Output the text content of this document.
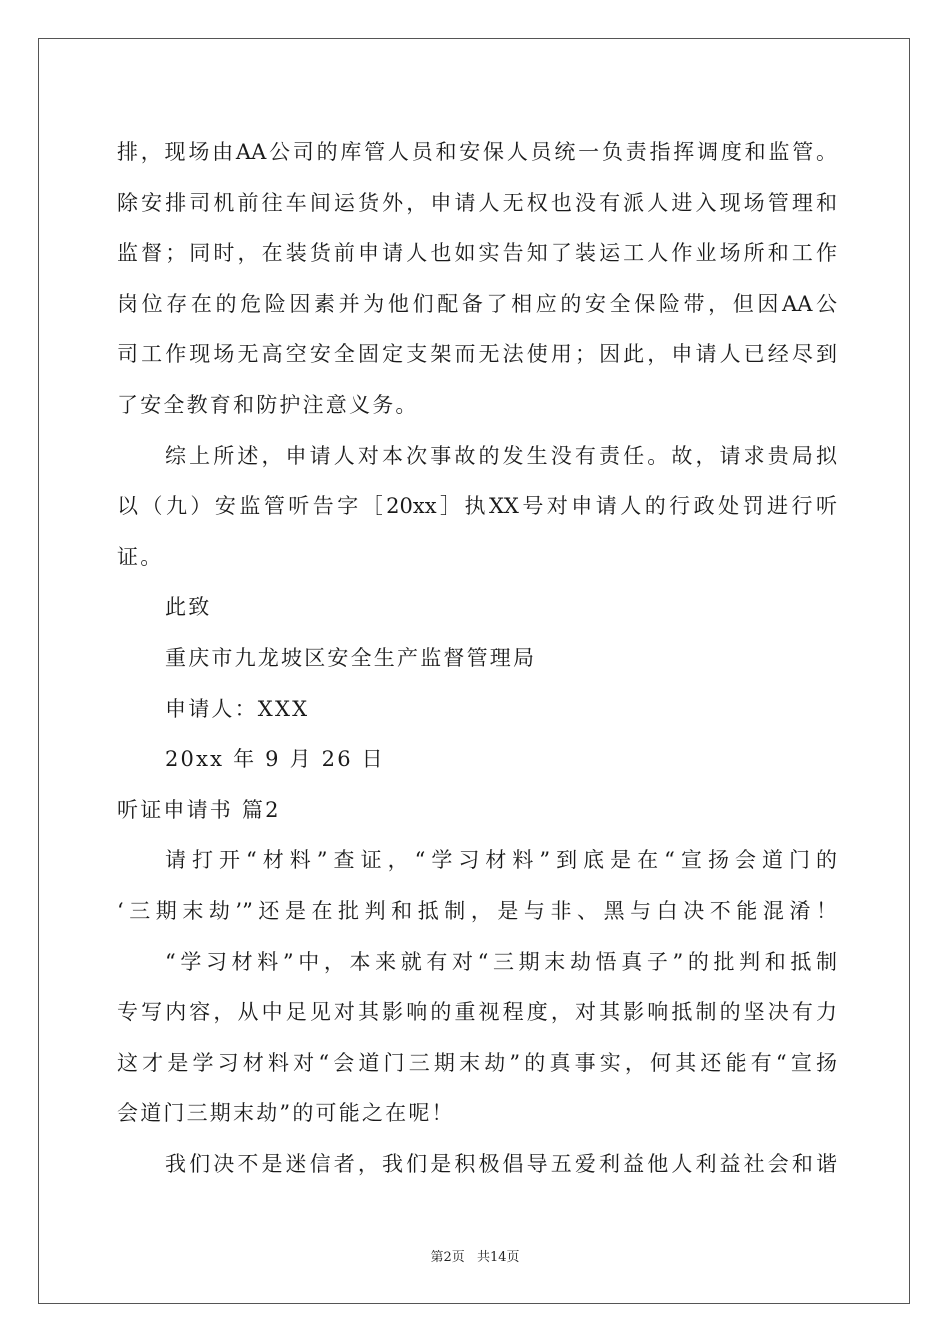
排，现场由AA公司的库管人员和安保人员统一负责指挥调度和监管。
除安排司机前往车间运货外，申请人无权也没有派人进入现场管理和
监督；同时，在装货前申请人也如实告知了装运工人作业场所和工作
岗位存在的危险因素并为他们配备了相应的安全保险带，但因AA公
司工作现场无高空安全固定支架而无法使用；因此，申请人已经尽到
了安全教育和防护注意义务。
综上所述，申请人对本次事故的发生没有责任。故，请求贵局拟
以（九）安监管听告字［20xx］执XX号对申请人的行政处罚进行听
证。
此致
重庆市九龙坡区安全生产监督管理局
申请人：XXX
20xx 年 9 月 26 日
听证申请书 篇2
请打开“材料”查证，“学习材料”到底是在“宣扬会道门的
‘三期末劫’”还是在批判和抵制，是与非、黑与白决不能混淆！
“学习材料”中，本来就有对“三期末劫悟真子”的批判和抵制
专写内容，从中足见对其影响的重视程度，对其影响抵制的坚决有力
这才是学习材料对“会道门三期末劫”的真事实，何其还能有“宣扬
会道门三期末劫”的可能之在呢！
我们决不是迷信者，我们是积极倡导五爱利益他人利益社会和谐
第2页 共14页
